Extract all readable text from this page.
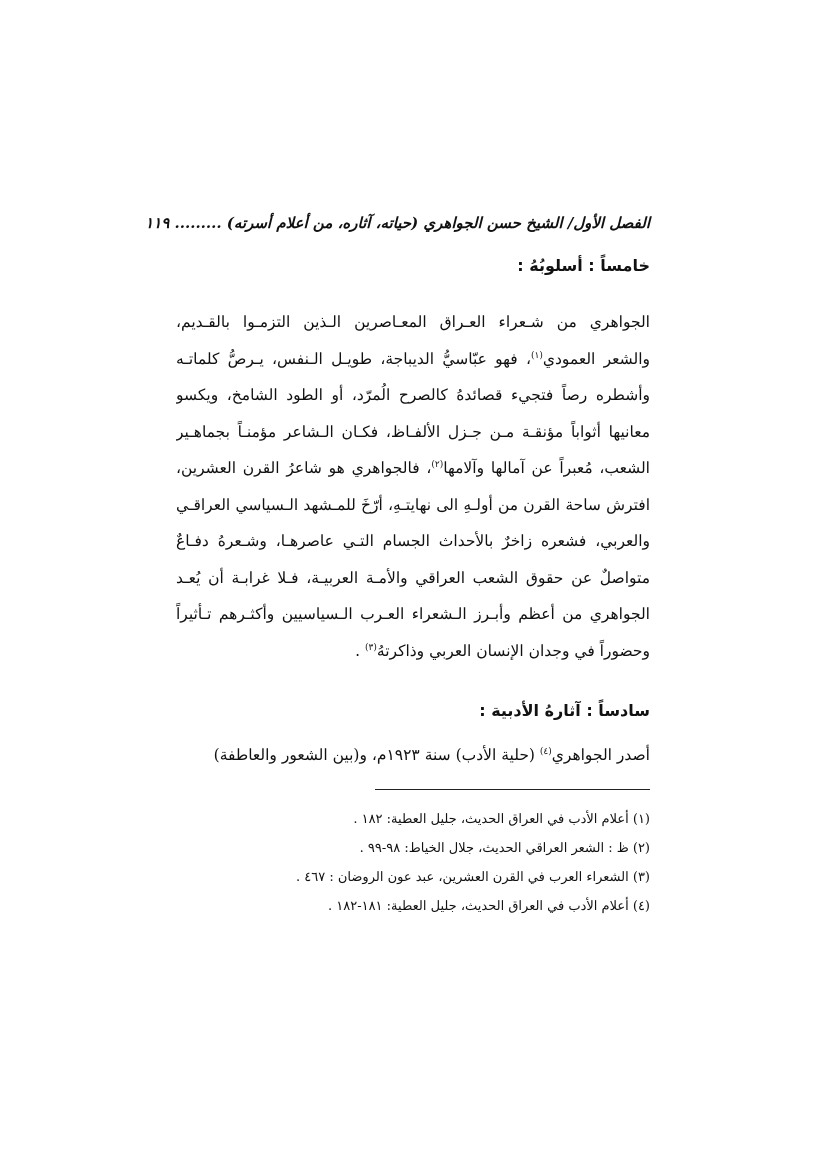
الفصل الأول/ الشيخ حسن الجواهري (حياته، آثاره، من أعلام أسرته) ......... ١١٩
خامساً : أسلوبُهُ :
الجواهري من شـعراء العـراق المعـاصرين الـذين التزمـوا بالقـديم،
والشعر العمودي$^{(١)}$، فهو عبّاسيُّ الديباجة، طويـل الـنفس، يـرصُّ كلماتـه
وأشطره رصاً فتجيء قصائدهُ كالصرح الُمرّد، أو الطود الشامخ، ويكسو
معانيها أثواباً مؤنقـة مـن جـزل الألفـاظ، فكـان الـشاعر مؤمنـاً بجماهـير
الشعب، مُعبراً عن آمالها وآلامها$^{(٢)}$، فالجواهري هو شاعرُ القرن العشرين،
افترش ساحة القرن من أولـهِ الى نهايتـهِ، أرّخَ للمـشهد الـسياسي العراقـي
والعربي، فشعره زاخرٌ بالأحداث الجسام التـي عاصرهـا، وشـعرهُ دفـاعٌ
متواصلٌ عن حقوق الشعب العراقي والأمـة العربيـة، فـلا غرابـة أن يُعـد
الجواهري من أعظم وأبـرز الـشعراء العـرب الـسياسيين وأكثـرهم تـأثيراً
وحضوراً في وجدان الإنسان العربي وذاكرتهُ$^{(٣)}$ .
سادساً : آثارهُ الأدبية :
أصدر الجواهري$^{(٤)}$ (حلية الأدب) سنة ١٩٢٣م، و(بين الشعور والعاطفة)
(١) أعلام الأدب في العراق الحديث، جليل العطية: ١٨٢ .
(٢) ظ : الشعر العراقي الحديث، جلال الخياط: ٩٨-٩٩ .
(٣) الشعراء العرب في القرن العشرين، عبد عون الروضان : ٤٦٧ .
(٤) أعلام الأدب في العراق الحديث، جليل العطية: ١٨١-١٨٢ .
